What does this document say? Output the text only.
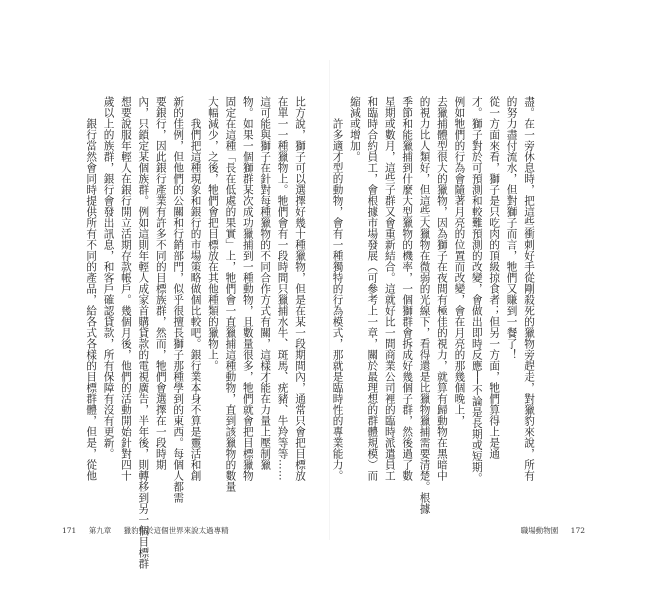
盡。在一旁休息時，把這些衝刺好手從剛殺死的獵物旁趕走，對獵豹來說，所有

的努力盡付流水，但對獅子而言，牠們又賺到一餐了！

從一方面來看，獅子是只吃肉的頂級掠食者；但另一方面，牠們算得上是通

才。獅子對於可預測和較難預測的改變，會做出即時反應──不論是長期或短期。

例如牠們的行為會隨著月亮的位置而改變，會在月亮的那幾個晚上，

去獵捕體型很大的獵物，因為獅子在夜間有極佳的視力，就算有歸動物在黑暗中

的視力比人類好，但這些大獵物在微弱的光線下，看得還是比獵物獵捕需要清楚。根據

季節和能獵捕到什麼大型獵物的機率，一個獅群會拆成好幾個子群，然後過了數

星期或數月，這些子群又會重新結合。這就好比一間商業公司裡的臨時派遣員工

和臨時合約員工，會根據市場發展（可參考上一章，關於最理想的群體規模）而

縮減或增加。

　　許多適才型的動物，會有一種獨特的行為模式，那就是臨時性的專業能力。

職場動物園 172

比方說，獅子可以選擇好幾十種獵物，但是在某一段期間內，通常只會把目標放

在單一一種獵物上。牠們會有一段時間只獵捕水牛、斑馬、疣豬、牛羚等等……

這可能與獅子在針對每種獵物的不同合作方式有關，這樣才能在力量上壓制獵

物。如果一個獅群某次成功獵捕到一種動物，且數量很多，牠們就會把目標獵物

固定在這種「長在低處的果實」上，牠們會一直獵捕這種動物，直到該獵物的數量

大幅減少，之後，牠們會把目標放在其他種類的獵物上。

　　我們把這種現象和銀行的市場策略做個比較吧。銀行業本身不算是靈活和創

新的佳例，但他們的公關和行銷部門，似乎很擅長獅子那種學到的東西。每個人都需

要銀行，因此銀行產業有許多不同的目標族群，然而，牠們會選擇在一段時期

內，只鎖定某個族群。例如這則年輕人成家首購貸款的電視廣告，半年後，則轉移到另一個目標群

想要說服年輕人在銀行開立活期存款帳戶。幾個月後，他們的活動開始針對四十

歲以上的族群，銀行會發出訊息，和客戶確認貸款，所有保障有沒有更新。

　　銀行當然會同時提供所有不同的產品，給各式各樣的目標群體，但是，從他

171 第九章 獵豹對於這個世界來說太過專精
